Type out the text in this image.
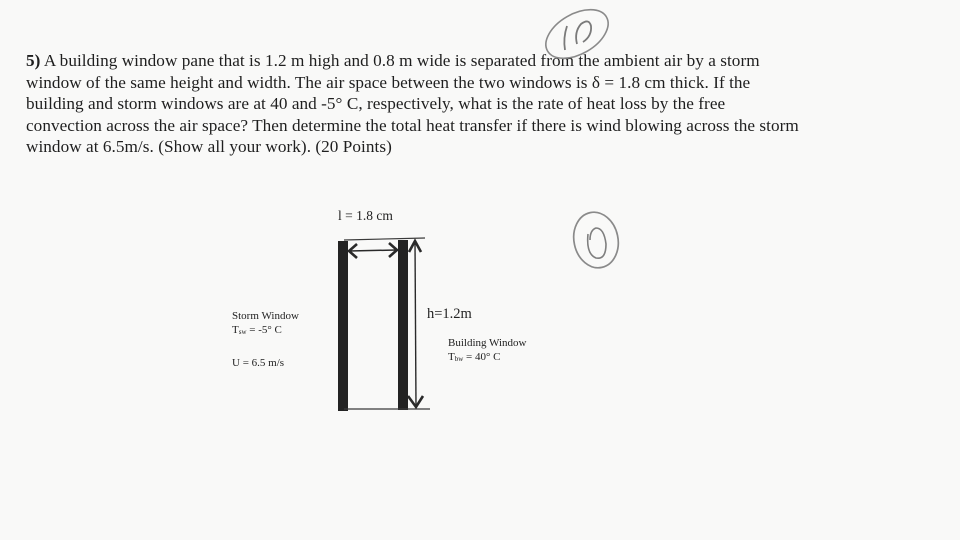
5) A building window pane that is 1.2 m high and 0.8 m wide is separated from the ambient air by a storm
window of the same height and width. The air space between the two windows is δ = 1.8 cm thick. If the
building and storm windows are at 40 and -5° C, respectively, what is the rate of heat loss by the free
convection across the air space? Then determine the total heat transfer if there is wind blowing across the storm
window at 6.5m/s. (Show all your work). (20 Points)
l = 1.8 cm
h=1.2m
Storm Window
$T_{sw} = -5^\circ$ C
U = 6.5 m/s
Building Window
$T_{bw} = 40^\circ$ C
